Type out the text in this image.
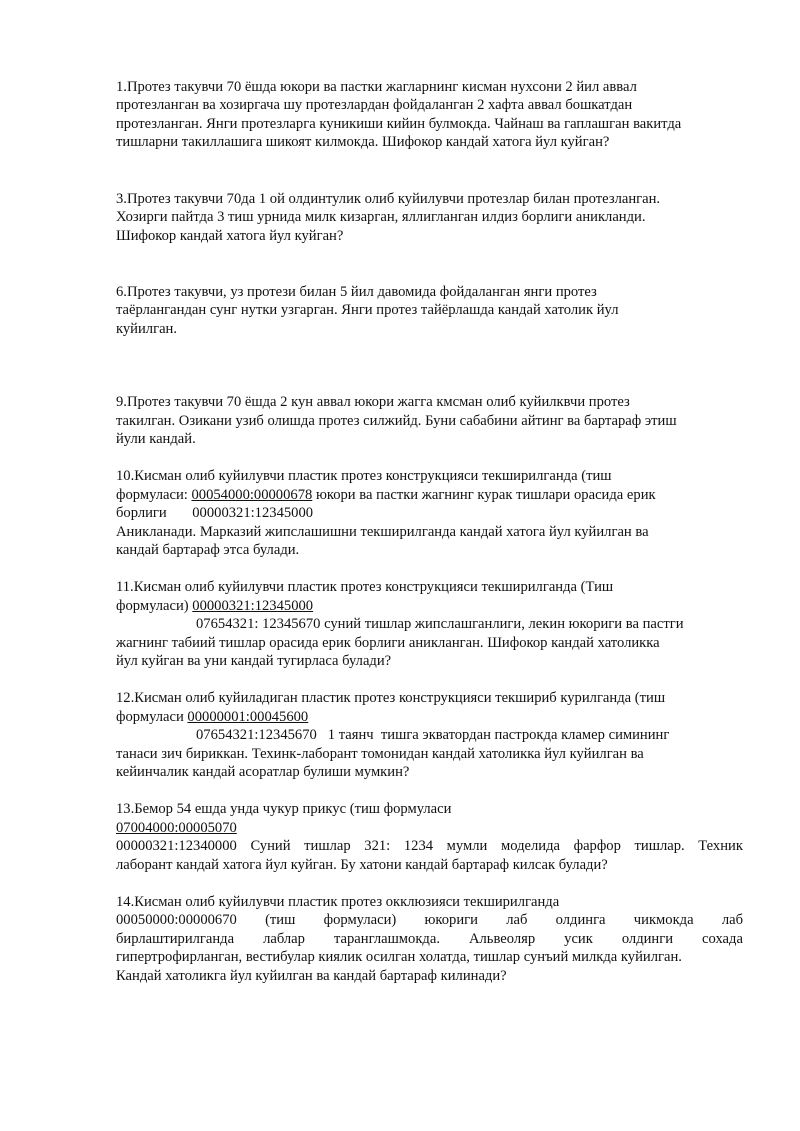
1.Протез такувчи 70 ёшда юкори ва пастки жагларнинг кисман нухсони 2 йил аввал
протезланган ва хозиргача шу протезлардан фойдаланган 2 хафта аввал бошкатдан
протезланган. Янги протезларга куникиши кийин булмокда. Чайнаш ва гаплашган вакитда
тишларни такиллашига шикоят килмокда. Шифокор кандай хатога йул куйган?
3.Протез такувчи 70да 1 ой олдинтулик олиб куйилувчи протезлар билан протезланган.
Хозирги пайтда 3 тиш урнида милк кизарган, яллигланган илдиз борлиги аникланди.
Шифокор кандай хатога йул куйган?
6.Протез такувчи, уз протези билан 5 йил давомида фойдаланган янги протез
таёрлангандан сунг нутки узгарган. Янги протез тайёрлашда кандай хатолик йул
куйилган.
9.Протез такувчи 70 ёшда 2 кун аввал юкори жагга кмсман олиб куйилквчи протез
такилган. Озикани узиб олишда протез силжийд. Буни сабабини айтинг ва бартараф этиш
йули кандай.
10.Кисман олиб куйилувчи пластик протез конструкцияси текширилганда (тиш
формуласи: 00054000:00000678 юкори ва пастки жагнинг курак тишлари орасида ерик
борлиги       00000321:12345000
Аникланади. Марказий жипслашишни текширилганда кандай хатога йул куйилган ва
кандай бартараф этса булади.
11.Кисман олиб куйилувчи пластик протез конструкцияси текширилганда (Тиш
формуласи) 00000321:12345000
07654321: 12345670 суний тишлар жипслашганлиги, лекин юкориги ва пастги
жагнинг табиий тишлар орасида ерик борлиги аникланган. Шифокор кандай хатоликка
йул куйган ва уни кандай тугирласа булади?
12.Кисман олиб куйиладиган пластик протез конструкцияси текшириб курилганда (тиш
формуласи 00000001:00045600
07654321:12345670   1 таянч  тишга экватордан пастрокда кламер симининг
танаси зич бириккан. Техинк-лаборант томонидан кандай хатоликка йул куйилган ва
кейинчалик кандай асоратлар булиши мумкин?
13.Бемор 54 ешда унда чукур прикус (тиш формуласи
07004000:00005070
00000321:12340000 Суний тишлар 321: 1234 мумли моделида фарфор тишлар. Техник
лаборант кандай хатога йул куйган. Бу хатони кандай бартараф килсак булади?
14.Кисман олиб куйилувчи пластик протез окклюзияси текширилганда
00050000:00000670 (тиш формуласи) юкориги лаб олдинга чикмокда лаб
бирлаштирилганда лаблар таранглашмокда. Альвеоляр усик олдинги сохада
гипертрофирланган, вестибулар киялик осилган холатда, тишлар сунъий милкда куйилган.
Кандай хатоликга йул куйилган ва кандай бартараф килинади?
